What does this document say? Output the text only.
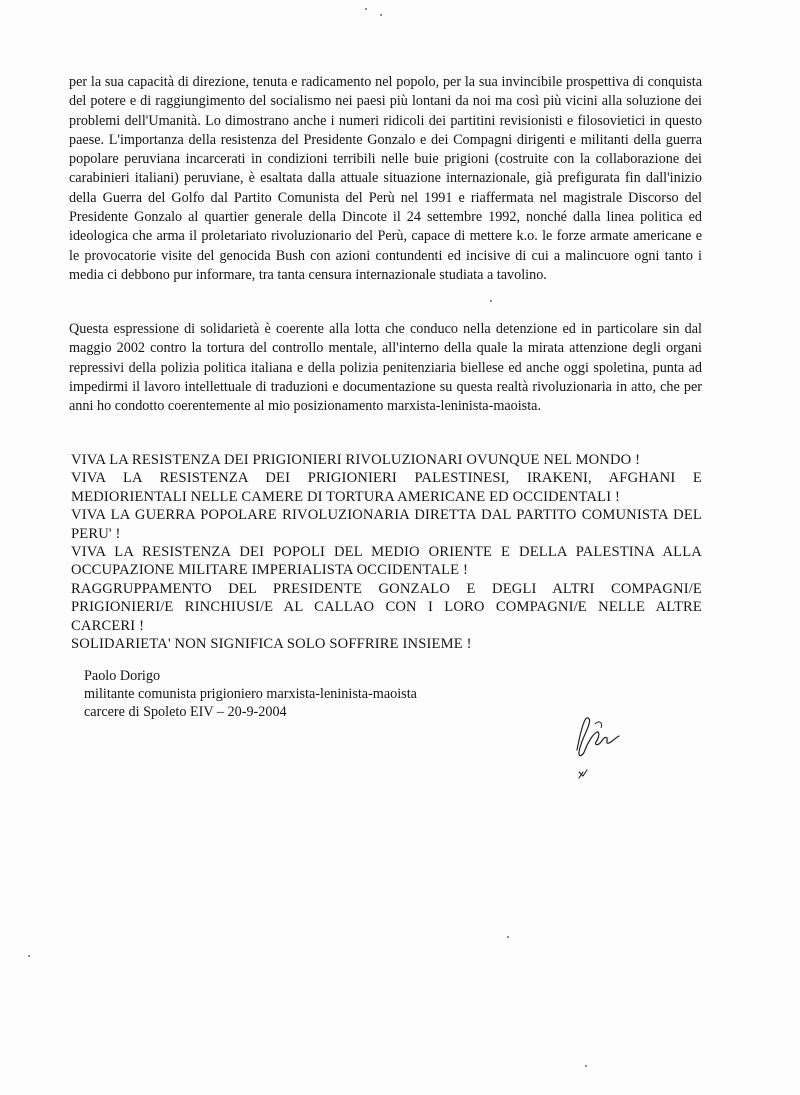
per la sua capacità di direzione, tenuta e radicamento nel popolo, per la sua invincibile prospettiva di conquista del potere e di raggiungimento del socialismo nei paesi più lontani da noi ma così più vicini alla soluzione dei problemi dell'Umanità. Lo dimostrano anche i numeri ridicoli dei partitini revisionisti e filosovietici in questo paese. L'importanza della resistenza del Presidente Gonzalo e dei Compagni dirigenti e militanti della guerra popolare peruviana incarcerati in condizioni terribili nelle buie prigioni (costruite con la collaborazione dei carabinieri italiani) peruviane, è esaltata dalla attuale situazione internazionale, già prefigurata fin dall'inizio della Guerra del Golfo dal Partito Comunista del Perù nel 1991 e riaffermata nel magistrale Discorso del Presidente Gonzalo al quartier generale della Dincote il 24 settembre 1992, nonché dalla linea politica ed ideologica che arma il proletariato rivoluzionario del Perù, capace di mettere k.o. le forze armate americane e le provocatorie visite del genocida Bush con azioni contundenti ed incisive di cui a malincuore ogni tanto i media ci debbono pur informare, tra tanta censura internazionale studiata a tavolino.
Questa espressione di solidarietà è coerente alla lotta che conduco nella detenzione ed in particolare sin dal maggio 2002 contro la tortura del controllo mentale, all'interno della quale la mirata attenzione degli organi repressivi della polizia politica italiana e della polizia penitenziaria biellese ed anche oggi spoletina, punta ad impedirmi il lavoro intellettuale di traduzioni e documentazione su questa realtà rivoluzionaria in atto, che per anni ho condotto coerentemente al mio posizionamento marxista-leninista-maoista.
VIVA LA RESISTENZA DEI PRIGIONIERI RIVOLUZIONARI OVUNQUE NEL MONDO !
VIVA LA RESISTENZA DEI PRIGIONIERI PALESTINESI, IRAKENI, AFGHANI E MEDIORIENTALI NELLE CAMERE DI TORTURA AMERICANE ED OCCIDENTALI !
VIVA LA GUERRA POPOLARE RIVOLUZIONARIA DIRETTA DAL PARTITO COMUNISTA DEL PERU' !
VIVA LA RESISTENZA DEI POPOLI DEL MEDIO ORIENTE E DELLA PALESTINA ALLA OCCUPAZIONE MILITARE IMPERIALISTA OCCIDENTALE !
RAGGRUPPAMENTO DEL PRESIDENTE GONZALO E DEGLI ALTRI COMPAGNI/E PRIGIONIERI/E RINCHIUSI/E AL CALLAO CON I LORO COMPAGNI/E NELLE ALTRE CARCERI !
SOLIDARIETA' NON SIGNIFICA SOLO SOFFRIRE INSIEME !
Paolo Dorigo
militante comunista prigioniero marxista-leninista-maoista
carcere di Spoleto EIV – 20-9-2004
